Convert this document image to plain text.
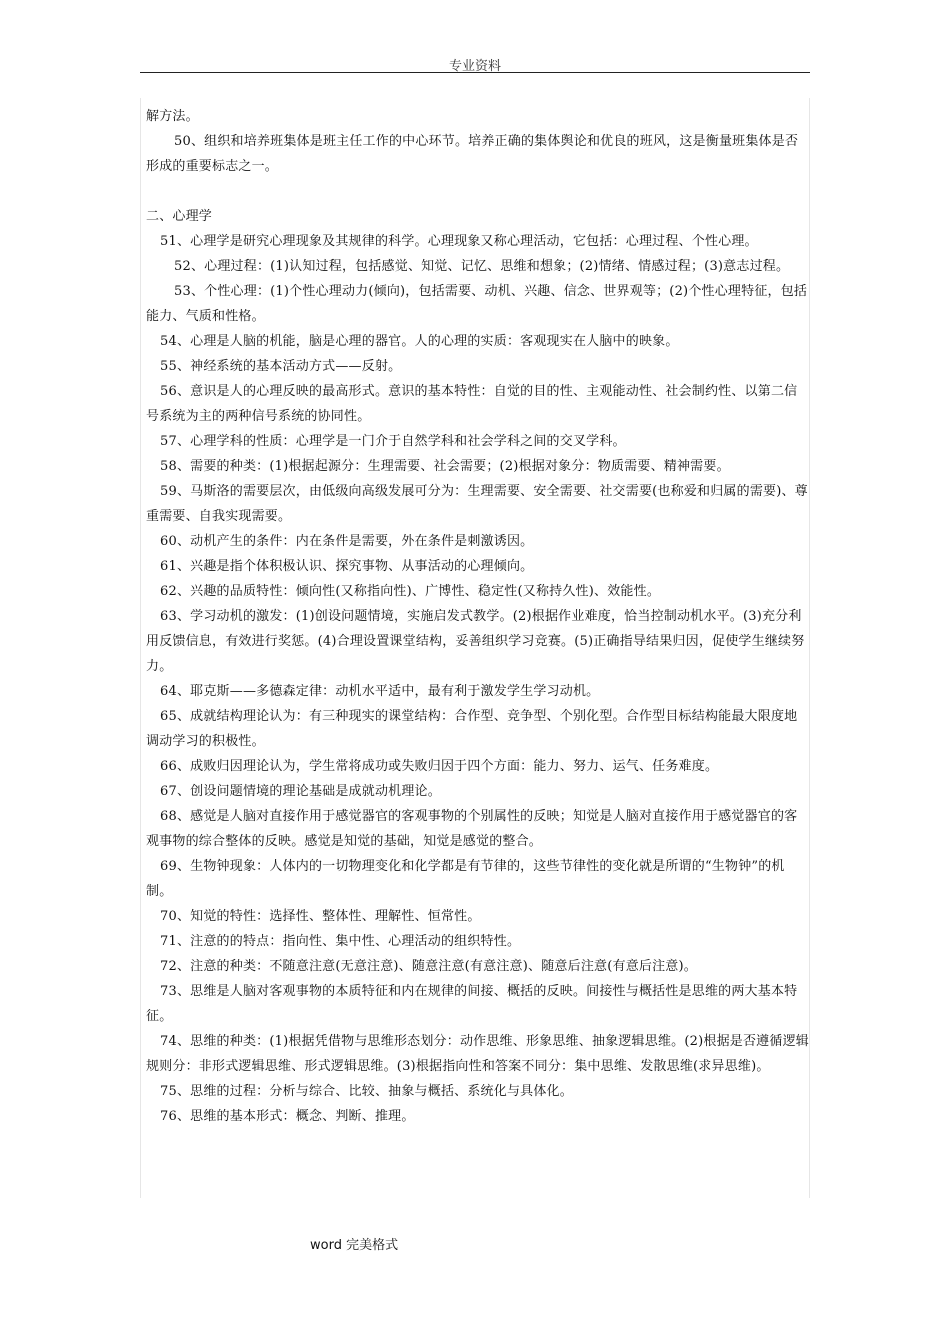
专业资料

解方法。

50、组织和培养班集体是班主任工作的中心环节。培养正确的集体舆论和优良的班风，这是衡量班集体是否形成的重要标志之一。

二、心理学

51、心理学是研究心理现象及其规律的科学。心理现象又称心理活动，它包括：心理过程、个性心理。

52、心理过程：(1)认知过程，包括感觉、知觉、记忆、思维和想象；(2)情绪、情感过程；(3)意志过程。

53、个性心理：(1)个性心理动力(倾向)，包括需要、动机、兴趣、信念、世界观等；(2)个性心理特征，包括能力、气质和性格。

54、心理是人脑的机能，脑是心理的器官。人的心理的实质：客观现实在人脑中的映象。

55、神经系统的基本活动方式——反射。

56、意识是人的心理反映的最高形式。意识的基本特性：自觉的目的性、主观能动性、社会制约性、以第二信号系统为主的两种信号系统的协同性。

57、心理学科的性质：心理学是一门介于自然学科和社会学科之间的交叉学科。

58、需要的种类：(1)根据起源分：生理需要、社会需要；(2)根据对象分：物质需要、精神需要。

59、马斯洛的需要层次，由低级向高级发展可分为：生理需要、安全需要、社交需要(也称爱和归属的需要)、尊重需要、自我实现需要。

60、动机产生的条件：内在条件是需要，外在条件是刺激诱因。

61、兴趣是指个体积极认识、探究事物、从事活动的心理倾向。

62、兴趣的品质特性：倾向性(又称指向性)、广博性、稳定性(又称持久性)、效能性。

63、学习动机的激发：(1)创设问题情境，实施启发式教学。(2)根据作业难度，恰当控制动机水平。(3)充分利用反馈信息，有效进行奖惩。(4)合理设置课堂结构，妥善组织学习竞赛。(5)正确指导结果归因，促使学生继续努力。

64、耶克斯——多德森定律：动机水平适中，最有利于激发学生学习动机。

65、成就结构理论认为：有三种现实的课堂结构：合作型、竞争型、个别化型。合作型目标结构能最大限度地调动学习的积极性。

66、成败归因理论认为，学生常将成功或失败归因于四个方面：能力、努力、运气、任务难度。

67、创设问题情境的理论基础是成就动机理论。

68、感觉是人脑对直接作用于感觉器官的客观事物的个别属性的反映；知觉是人脑对直接作用于感觉器官的客观事物的综合整体的反映。感觉是知觉的基础，知觉是感觉的整合。

69、生物钟现象：人体内的一切物理变化和化学都是有节律的，这些节律性的变化就是所谓的“生物钟”的机制。

70、知觉的特性：选择性、整体性、理解性、恒常性。

71、注意的的特点：指向性、集中性、心理活动的组织特性。

72、注意的种类：不随意注意(无意注意)、随意注意(有意注意)、随意后注意(有意后注意)。

73、思维是人脑对客观事物的本质特征和内在规律的间接、概括的反映。间接性与概括性是思维的两大基本特征。

74、思维的种类：(1)根据凭借物与思维形态划分：动作思维、形象思维、抽象逻辑思维。(2)根据是否遵循逻辑规则分：非形式逻辑思维、形式逻辑思维。(3)根据指向性和答案不同分：集中思维、发散思维(求异思维)。

75、思维的过程：分析与综合、比较、抽象与概括、系统化与具体化。

76、思维的基本形式：概念、判断、推理。

word 完美格式
